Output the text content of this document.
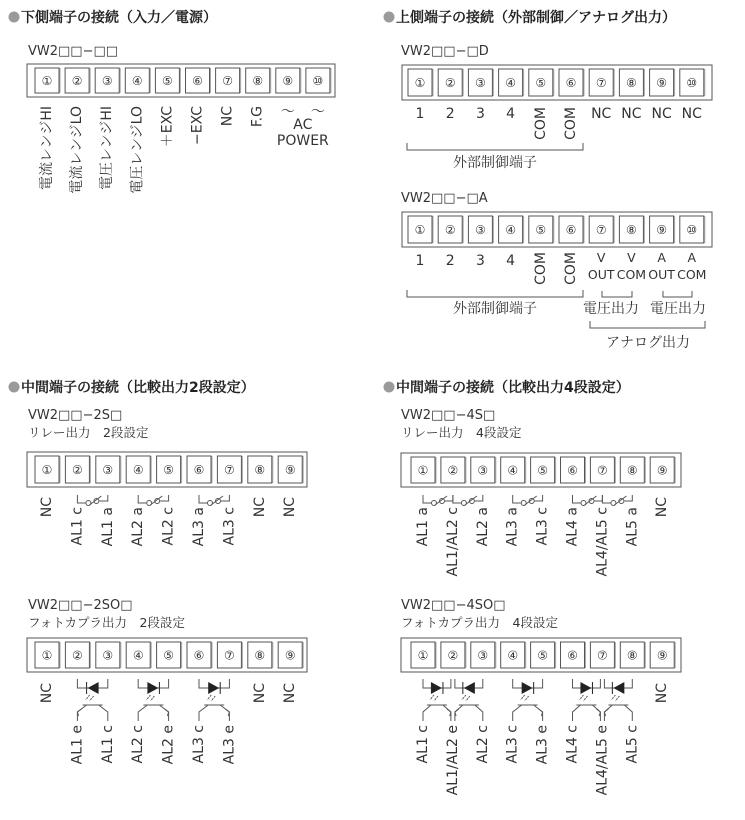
下側端子の接続（入力／電源）
VW2□□−□□
① ② ③ ④ ⑤ ⑥ ⑦ ⑧ ⑨ ⑩
電流レンジHI 電流レンジLO 電圧レンジHI 電圧レンジLO ＋EXC −EXC NC F.G 〜 〜
AC
POWER
上側端子の接続（外部制御／アナログ出力）
VW2□□−□D
① ② ③ ④ ⑤ ⑥ ⑦ ⑧ ⑨ ⑩
1 2 3 4 COM COM NC NC NC NC
外部制御端子
VW2□□−□A
① ② ③ ④ ⑤ ⑥ ⑦ ⑧ ⑨ ⑩
1 2 3 4 COM COM V
OUT
V
COM
A
OUT
A
COM
外部制御端子	電圧出力 電圧出力
アナログ出力
中間端子の接続（比較出力2段設定）
VW2□□−2S□
リレー出力　2段設定
① ② ③ ④ ⑤ ⑥ ⑦ ⑧ ⑨
NC AL1 c AL1 a AL2 a AL2 c AL3 a AL3 c NC NC
VW2□□−2SO□
フォトカプラ出力　2段設定
① ② ③ ④ ⑤ ⑥ ⑦ ⑧ ⑨
NC
AL1 e AL1 c AL2 c AL2 e AL3 c AL3 e
NC NC
中間端子の接続（比較出力4段設定）
VW2□□−4S□
リレー出力　4段設定
① ② ③ ④ ⑤ ⑥ ⑦ ⑧ ⑨
AL1 a AL1/AL2 c AL2 a AL3 a AL3 c AL4 a AL4/AL5 c AL5 a NC
VW2□□−4SO□
フォトカプラ出力　4段設定
① ② ③ ④ ⑤ ⑥ ⑦ ⑧ ⑨
AL1 c AL1/AL2 e AL2 c AL3 c AL3 e AL4 c AL4/AL5 e AL5 c
NC
